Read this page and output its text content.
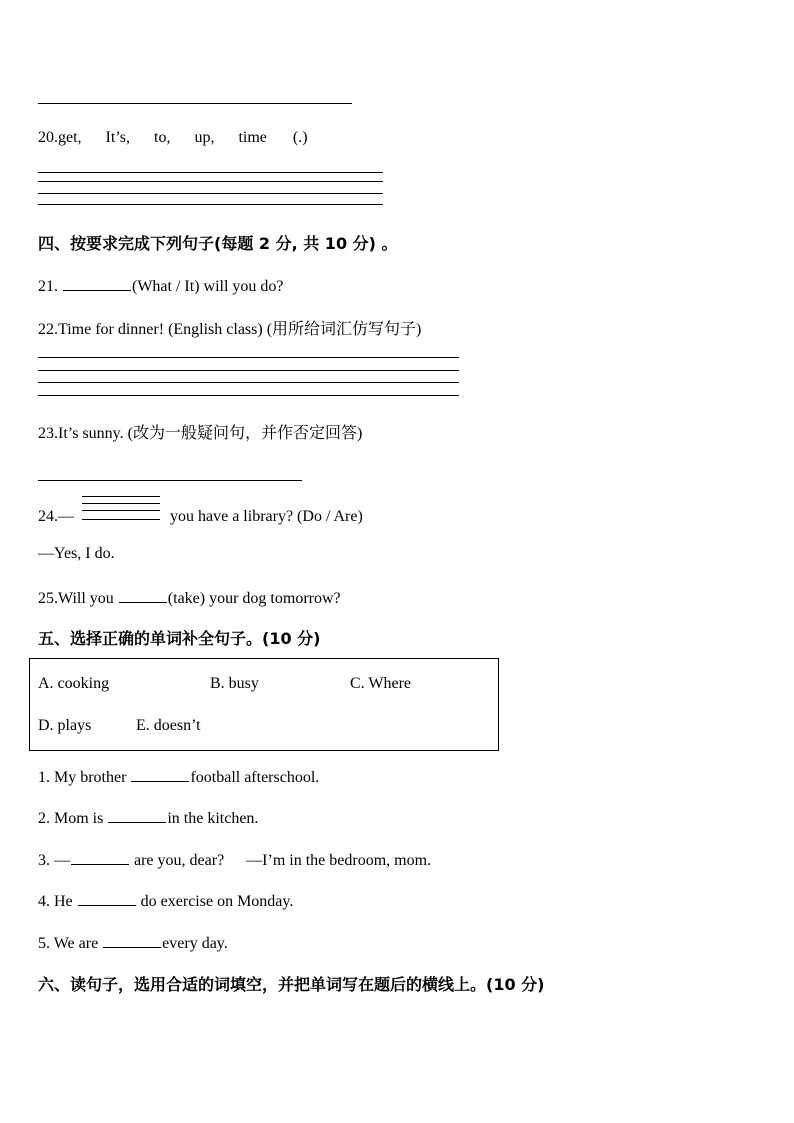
20.get, It’s, to, up, time (.)
四、按要求完成下列句子(每题 2 分, 共 10 分) 。
21.	(What / It) will you do?
22.Time for dinner! (English class) (用所给词汇仿写句子)
23.It’s sunny. (改为一般疑问句，并作否定回答)
24.—	you have a library? (Do / Are)
—Yes, I do.
25.Will you	(take) your dog tomorrow?
五、选择正确的单词补全句子。(10 分)
A. cooking	B. busy	C. Where
D. plays	E. doesn’t
1. My brother	football afterschool.
2. Mom is	in the kitchen.
3. —	are you, dear? —I’m in the bedroom, mom.
4. He	do exercise on Monday.
5. We are	every day.
六、读句子，选用合适的词填空，并把单词写在题后的横线上。(10 分)
